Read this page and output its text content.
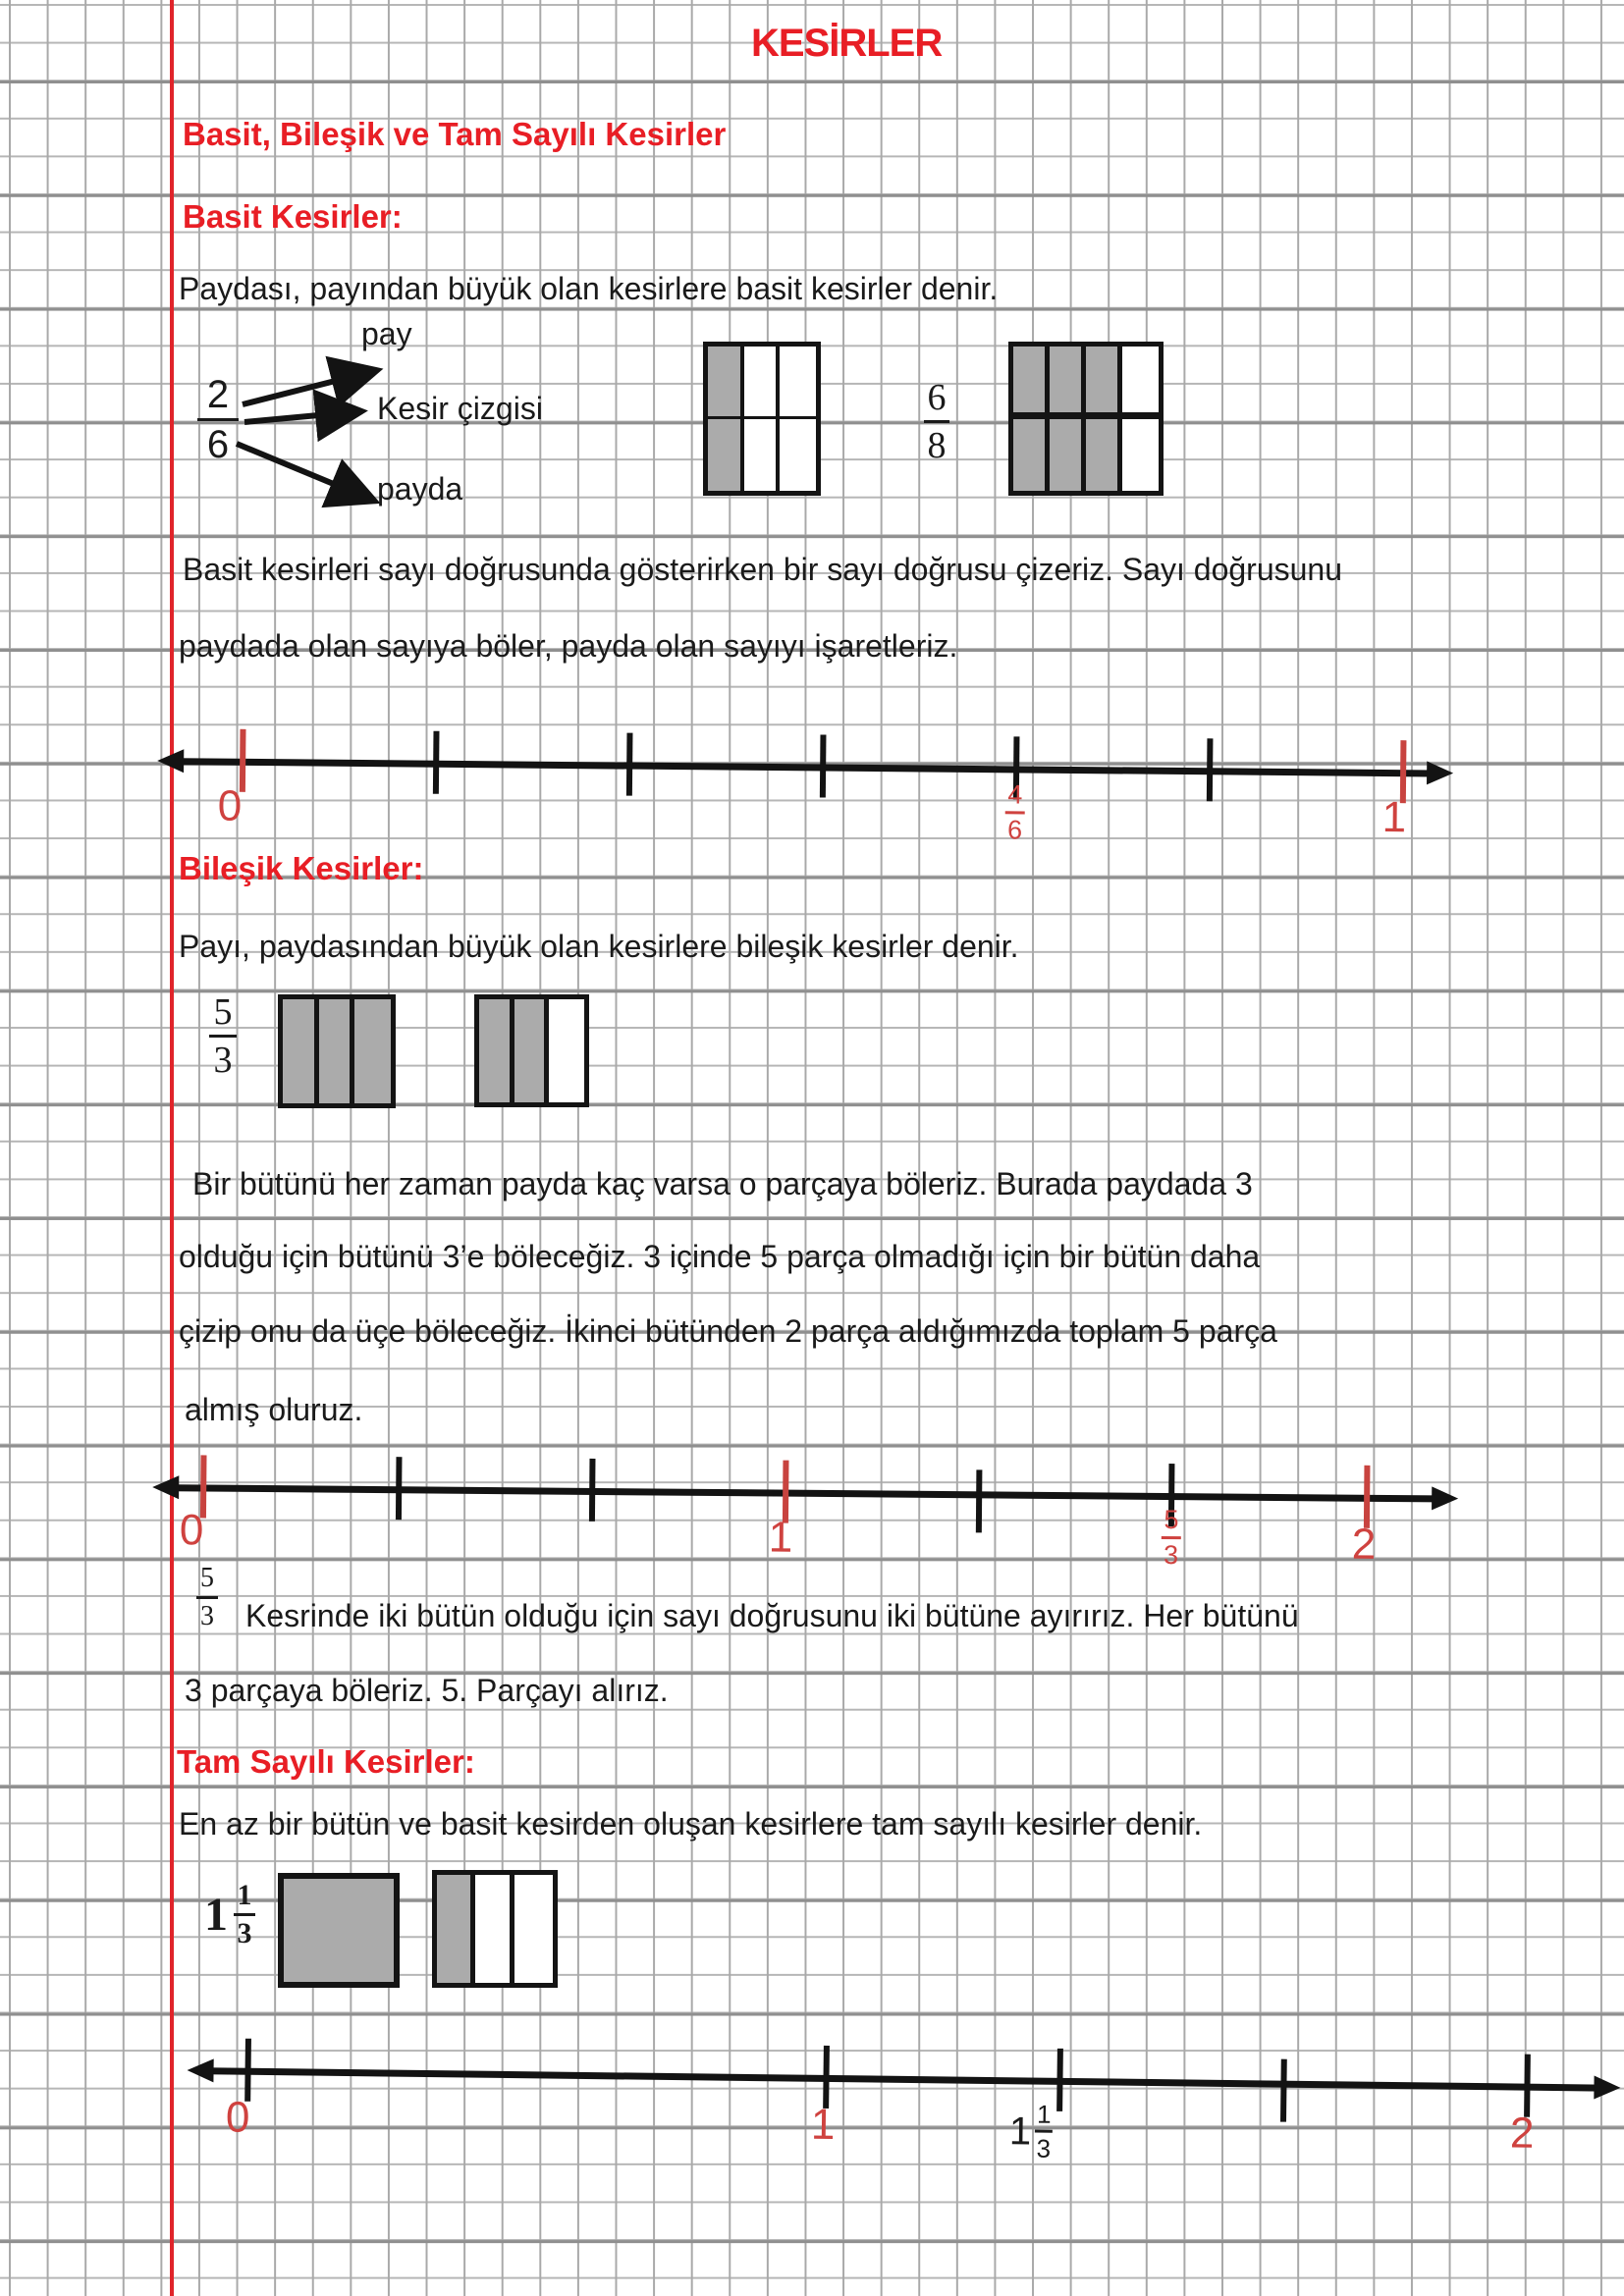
KESİRLER
Basit, Bileşik ve Tam Sayılı Kesirler
Basit Kesirler:
Paydası, payından büyük olan kesirlere basit kesirler denir.
2
6
pay
Kesir çizgisi
payda
6
8
Basit kesirleri sayı doğrusunda gösterirken bir sayı doğrusu çizeriz. Sayı doğrusunu
paydada olan sayıya böler, payda olan sayıyı işaretleriz.
0	4
6	1
Bileşik Kesirler:
Payı, paydasından büyük olan kesirlere bileşik kesirler denir.
5
3
Bir bütünü her zaman payda kaç varsa o parçaya böleriz. Burada paydada 3
olduğu için bütünü 3’e böleceğiz. 3 içinde 5 parça olmadığı için bir bütün daha
çizip onu da üçe böleceğiz. İkinci bütünden 2 parça aldığımızda toplam 5 parça
almış oluruz.
0	1	5
3	2
5
3 Kesrinde iki bütün olduğu için sayı doğrusunu iki bütüne ayırırız. Her bütünü
3 parçaya böleriz. 5. Parçayı alırız.
Tam Sayılı Kesirler:
En az bir bütün ve basit kesirden oluşan kesirlere tam sayılı kesirler denir.
$1 \frac{1}{3}$
0	1	$1 \frac{1}{3}$	2
